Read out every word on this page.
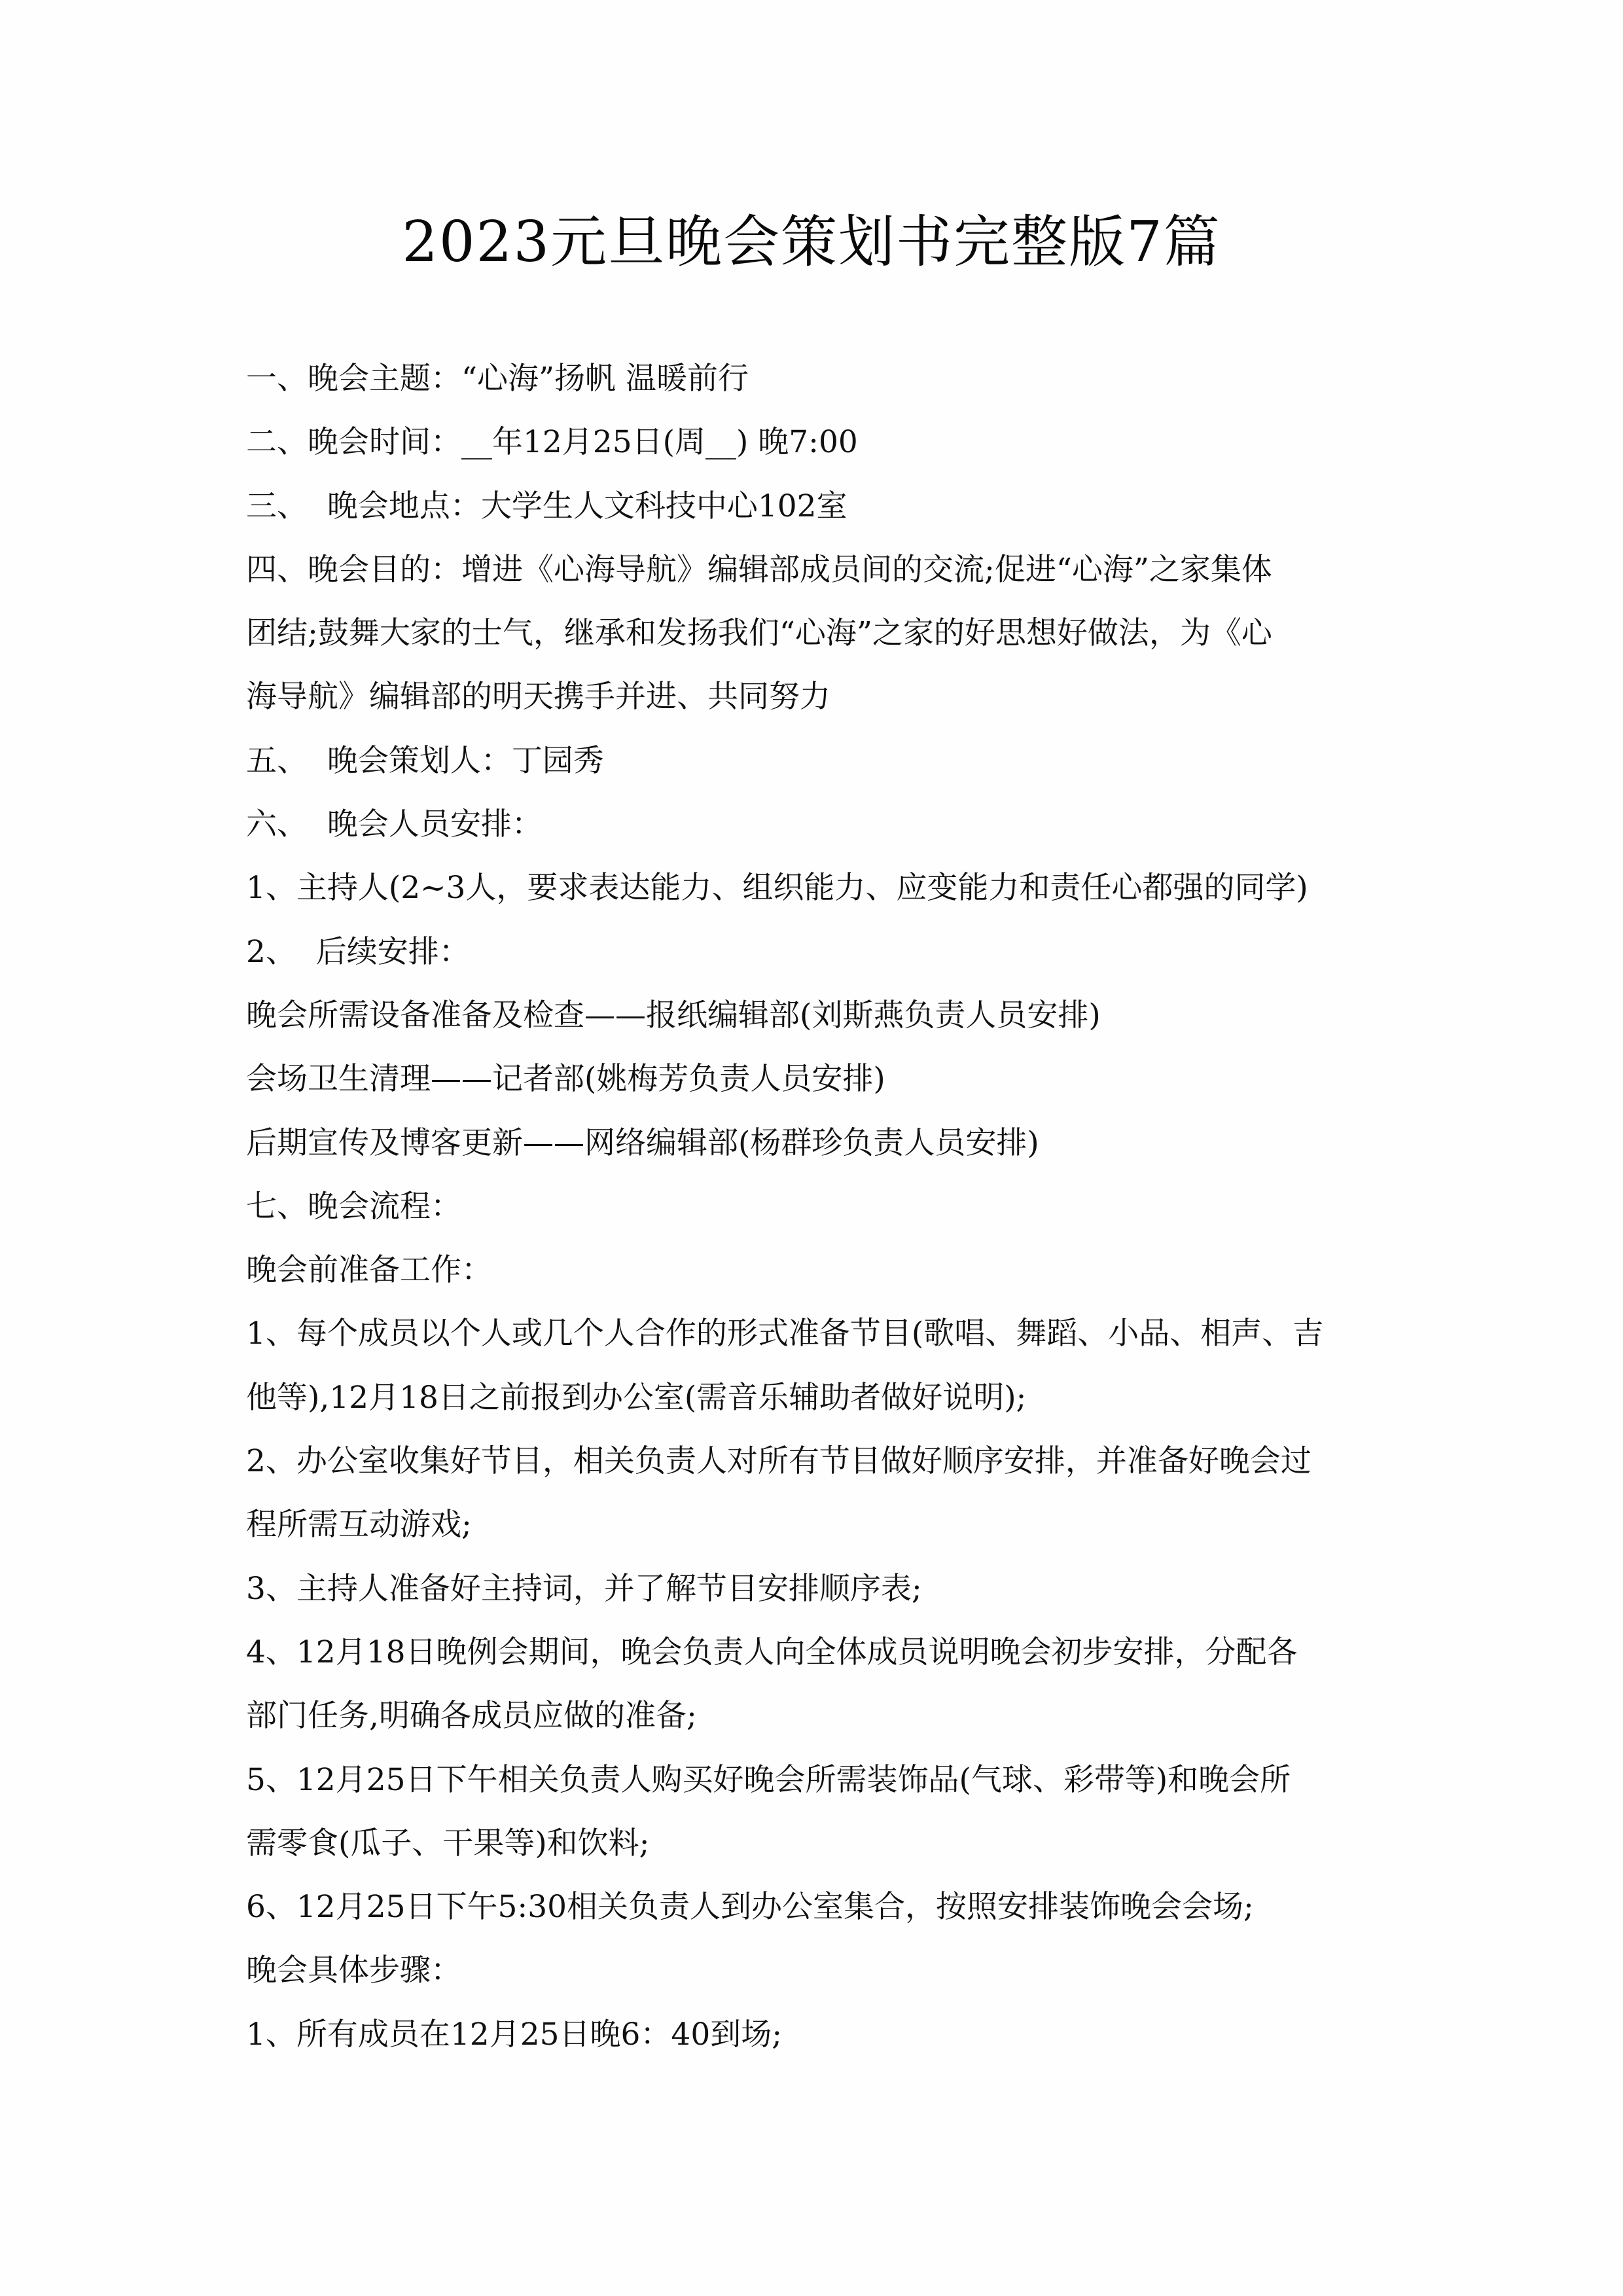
2023元旦晚会策划书完整版7篇
一、晚会主题：“心海”扬帆 温暖前行
二、晚会时间：__年12月25日(周__) 晚7:00
三、  晚会地点：大学生人文科技中心102室
四、晚会目的：增进《心海导航》编辑部成员间的交流;促进“心海”之家集体
团结;鼓舞大家的士气，继承和发扬我们“心海”之家的好思想好做法，为《心
海导航》编辑部的明天携手并进、共同努力
五、  晚会策划人：丁园秀
六、  晚会人员安排：
1、主持人(2~3人，要求表达能力、组织能力、应变能力和责任心都强的同学)
2、  后续安排：
晚会所需设备准备及检查——报纸编辑部(刘斯燕负责人员安排)
会场卫生清理——记者部(姚梅芳负责人员安排)
后期宣传及博客更新——网络编辑部(杨群珍负责人员安排)
七、晚会流程：
晚会前准备工作：
1、每个成员以个人或几个人合作的形式准备节目(歌唱、舞蹈、小品、相声、吉
他等),12月18日之前报到办公室(需音乐辅助者做好说明);
2、办公室收集好节目，相关负责人对所有节目做好顺序安排，并准备好晚会过
程所需互动游戏;
3、主持人准备好主持词，并了解节目安排顺序表;
4、12月18日晚例会期间，晚会负责人向全体成员说明晚会初步安排，分配各
部门任务,明确各成员应做的准备;
5、12月25日下午相关负责人购买好晚会所需装饰品(气球、彩带等)和晚会所
需零食(瓜子、干果等)和饮料;
6、12月25日下午5:30相关负责人到办公室集合，按照安排装饰晚会会场;
晚会具体步骤：
1、所有成员在12月25日晚6：40到场;
